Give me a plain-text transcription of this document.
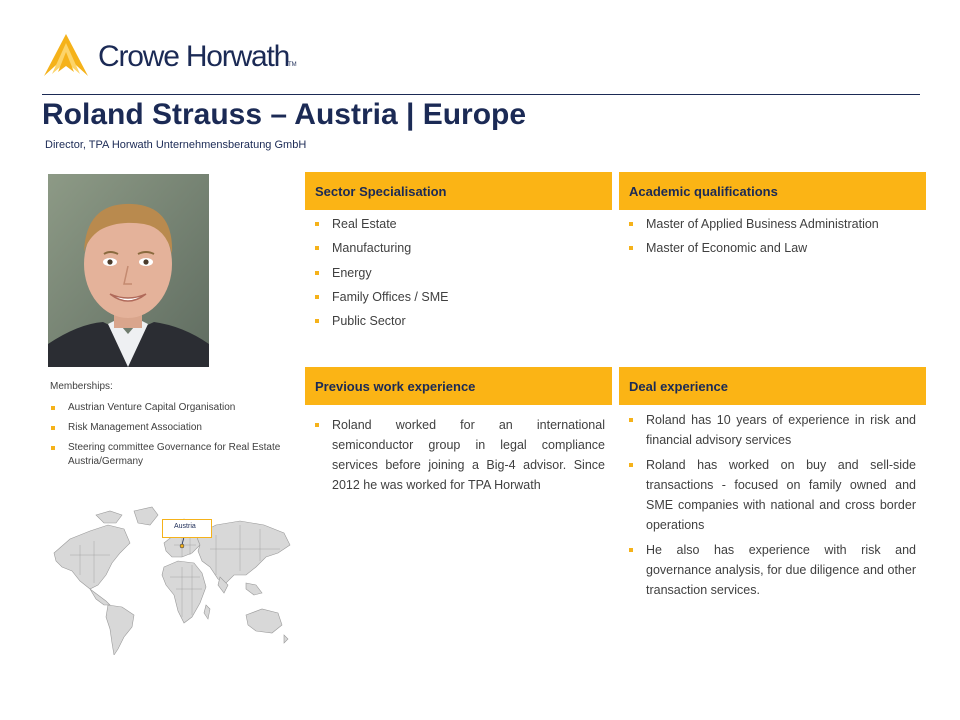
Crowe Horwath
TM
Roland Strauss – Austria | Europe
Director, TPA Horwath Unternehmensberatung GmbH
Memberships:
Austrian Venture Capital Organisation
Risk Management Association
Steering committee Governance for Real Estate Austria/Germany
Austria
Sector Specialisation
Real Estate
Manufacturing
Energy
Family Offices / SME
Public Sector
Academic qualifications
Master of Applied Business Administration
Master of Economic and Law
Previous work experience
Roland worked for an international semiconductor group in legal compliance services before joining a Big-4 advisor. Since 2012 he was worked for TPA Horwath
Deal experience
Roland has 10 years of experience in risk and financial advisory services
Roland has worked on buy and sell-side transactions - focused on family owned and SME companies with national and cross border operations
He also has experience with risk and governance analysis, for due diligence and other transaction services.
